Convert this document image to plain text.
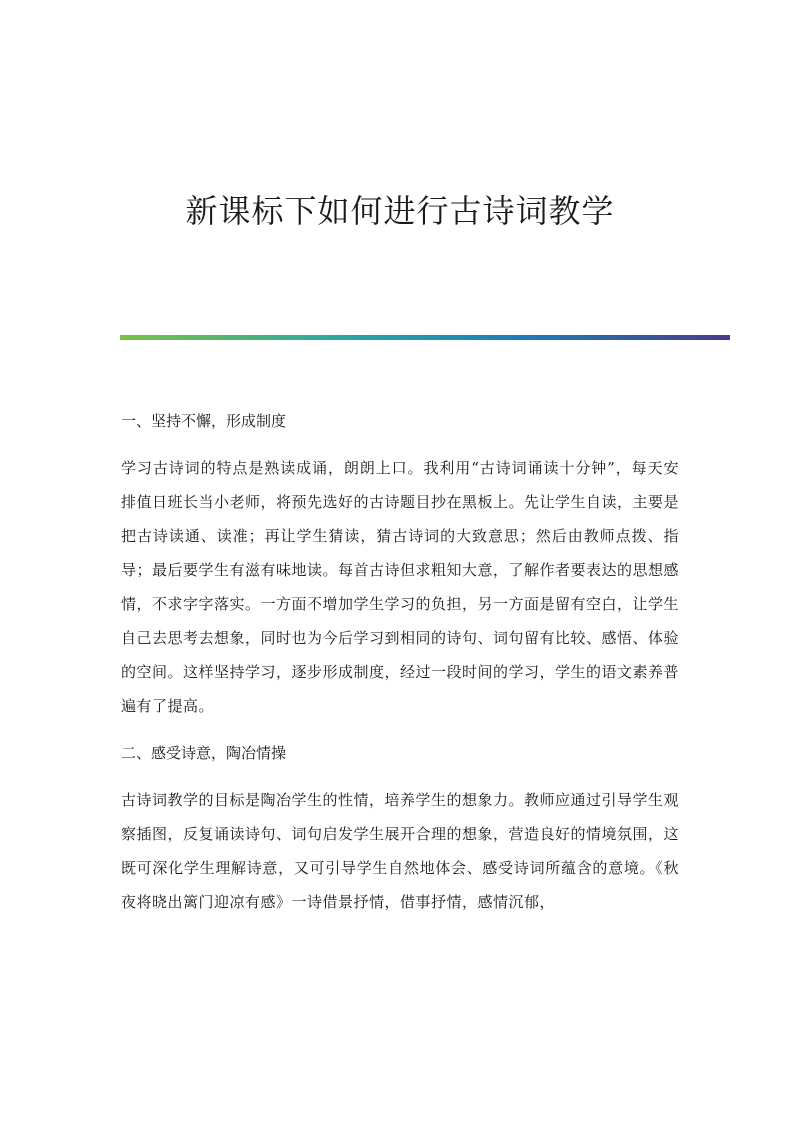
新课标下如何进行古诗词教学

一、坚持不懈，形成制度

学习古诗词的特点是熟读成诵，朗朗上口。我利用“古诗词诵读十分钟”，每天安排值日班长当小老师，将预先选好的古诗题目抄在黑板上。先让学生自读，主要是把古诗读通、读准；再让学生猜读，猜古诗词的大致意思；然后由教师点拨、指导；最后要学生有滋有味地读。每首古诗但求粗知大意，了解作者要表达的思想感情，不求字字落实。一方面不增加学生学习的负担，另一方面是留有空白，让学生自己去思考去想象，同时也为今后学习到相同的诗句、词句留有比较、感悟、体验的空间。这样坚持学习，逐步形成制度，经过一段时间的学习，学生的语文素养普遍有了提高。

二、感受诗意，陶冶情操

古诗词教学的目标是陶冶学生的性情，培养学生的想象力。教师应通过引导学生观察插图，反复诵读诗句、词句启发学生展开合理的想象，营造良好的情境氛围，这既可深化学生理解诗意，又可引导学生自然地体会、感受诗词所蕴含的意境。《秋夜将晓出篱门迎凉有感》一诗借景抒情，借事抒情，感情沉郁，
